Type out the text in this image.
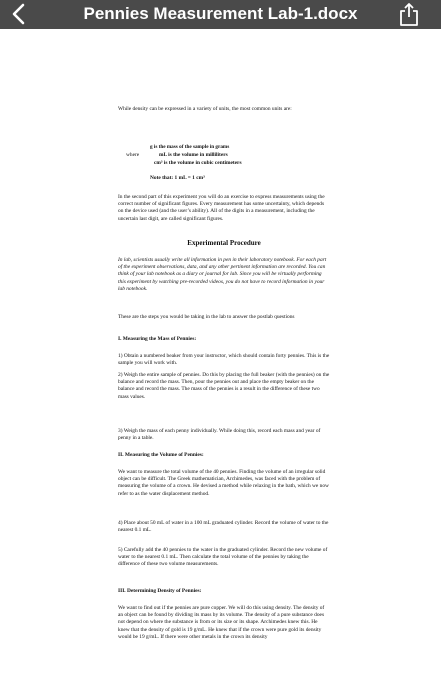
Pennies Measurement Lab-1.docx

While density can be expressed in a variety of units, the most common units are:

g is the mass of the sample in grams
where	mL is the volume in milliliters
cm³ is the volume in cubic centimeters
Note that: 1 mL = 1 cm³

In the second part of this experiment you will do an exercise to express measurements using the correct number of significant figures. Every measurement has some uncertainty, which depends on the device used (and the user’s ability). All of the digits in a measurement, including the uncertain last digit, are called significant figures.

Experimental Procedure

In lab, scientists usually write all information in pen in their laboratory notebook. For each part of the experiment observations, data, and any other pertinent information are recorded. You can think of your lab notebook as a diary or journal for lab. Since you will be virtually performing this experiment by watching pre-recorded videos, you do not have to record information in your lab notebook.

These are the steps you would be taking in the lab to answer the postlab questions

I. Measuring the Mass of Pennies:

1) Obtain a numbered beaker from your instructor, which should contain forty pennies. This is the sample you will work with.

2) Weigh the entire sample of pennies. Do this by placing the full beaker (with the pennies) on the balance and record the mass. Then, pour the pennies out and place the empty beaker on the balance and record the mass. The mass of the pennies is a result in the difference of these two mass values.

3) Weigh the mass of each penny individually. While doing this, record each mass and year of penny in a table.

II. Measuring the Volume of Pennies:

We want to measure the total volume of the 40 pennies. Finding the volume of an irregular solid object can be difficult. The Greek mathematician, Archimedes, was faced with the problem of measuring the volume of a crown. He devised a method while relaxing in the bath, which we now refer to as the water displacement method.

4) Place about 50 mL of water in a 100 mL graduated cylinder. Record the volume of water to the nearest 0.1 mL.

5) Carefully add the 40 pennies to the water in the graduated cylinder. Record the new volume of water to the nearest 0.1 mL. Then calculate the total volume of the pennies by taking the difference of these two volume measurements.

III. Determining Density of Pennies:

We want to find out if the pennies are pure copper. We will do this using density. The density of an object can be found by dividing its mass by its volume. The density of a pure substance does not depend on where the substance is from or its size or its shape. Archimedes knew this. He knew that the density of gold is 19 g/mL. He knew that if the crown were pure gold its density would be 19 g/mL. If there were other metals in the crown its density
